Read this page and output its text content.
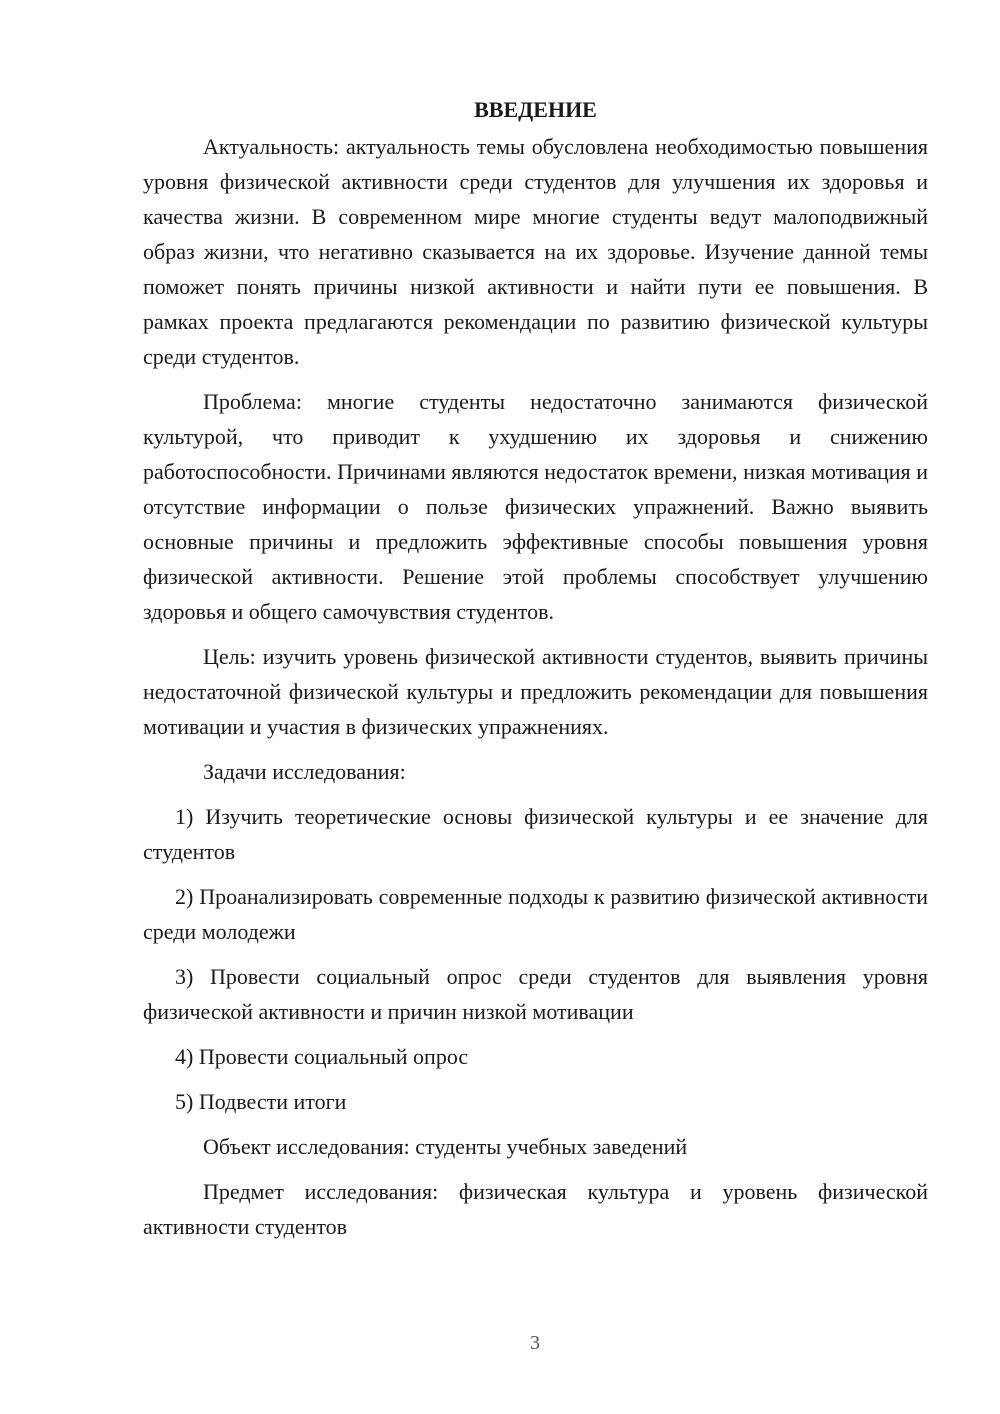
ВВЕДЕНИЕ

Актуальность: актуальность темы обусловлена необходимостью повышения уровня физической активности среди студентов для улучшения их здоровья и качества жизни. В современном мире многие студенты ведут малоподвижный образ жизни, что негативно сказывается на их здоровье. Изучение данной темы поможет понять причины низкой активности и найти пути ее повышения. В рамках проекта предлагаются рекомендации по развитию физической культуры среди студентов.

Проблема: многие студенты недостаточно занимаются физической культурой, что приводит к ухудшению их здоровья и снижению работоспособности. Причинами являются недостаток времени, низкая мотивация и отсутствие информации о пользе физических упражнений. Важно выявить основные причины и предложить эффективные способы повышения уровня физической активности. Решение этой проблемы способствует улучшению здоровья и общего самочувствия студентов.

Цель: изучить уровень физической активности студентов, выявить причины недостаточной физической культуры и предложить рекомендации для повышения мотивации и участия в физических упражнениях.

Задачи исследования:

1) Изучить теоретические основы физической культуры и ее значение для студентов

2) Проанализировать современные подходы к развитию физической активности среди молодежи

3) Провести социальный опрос среди студентов для выявления уровня физической активности и причин низкой мотивации

4) Провести социальный опрос

5) Подвести итоги

Объект исследования: студенты учебных заведений

Предмет исследования: физическая культура и уровень физической активности студентов

3
